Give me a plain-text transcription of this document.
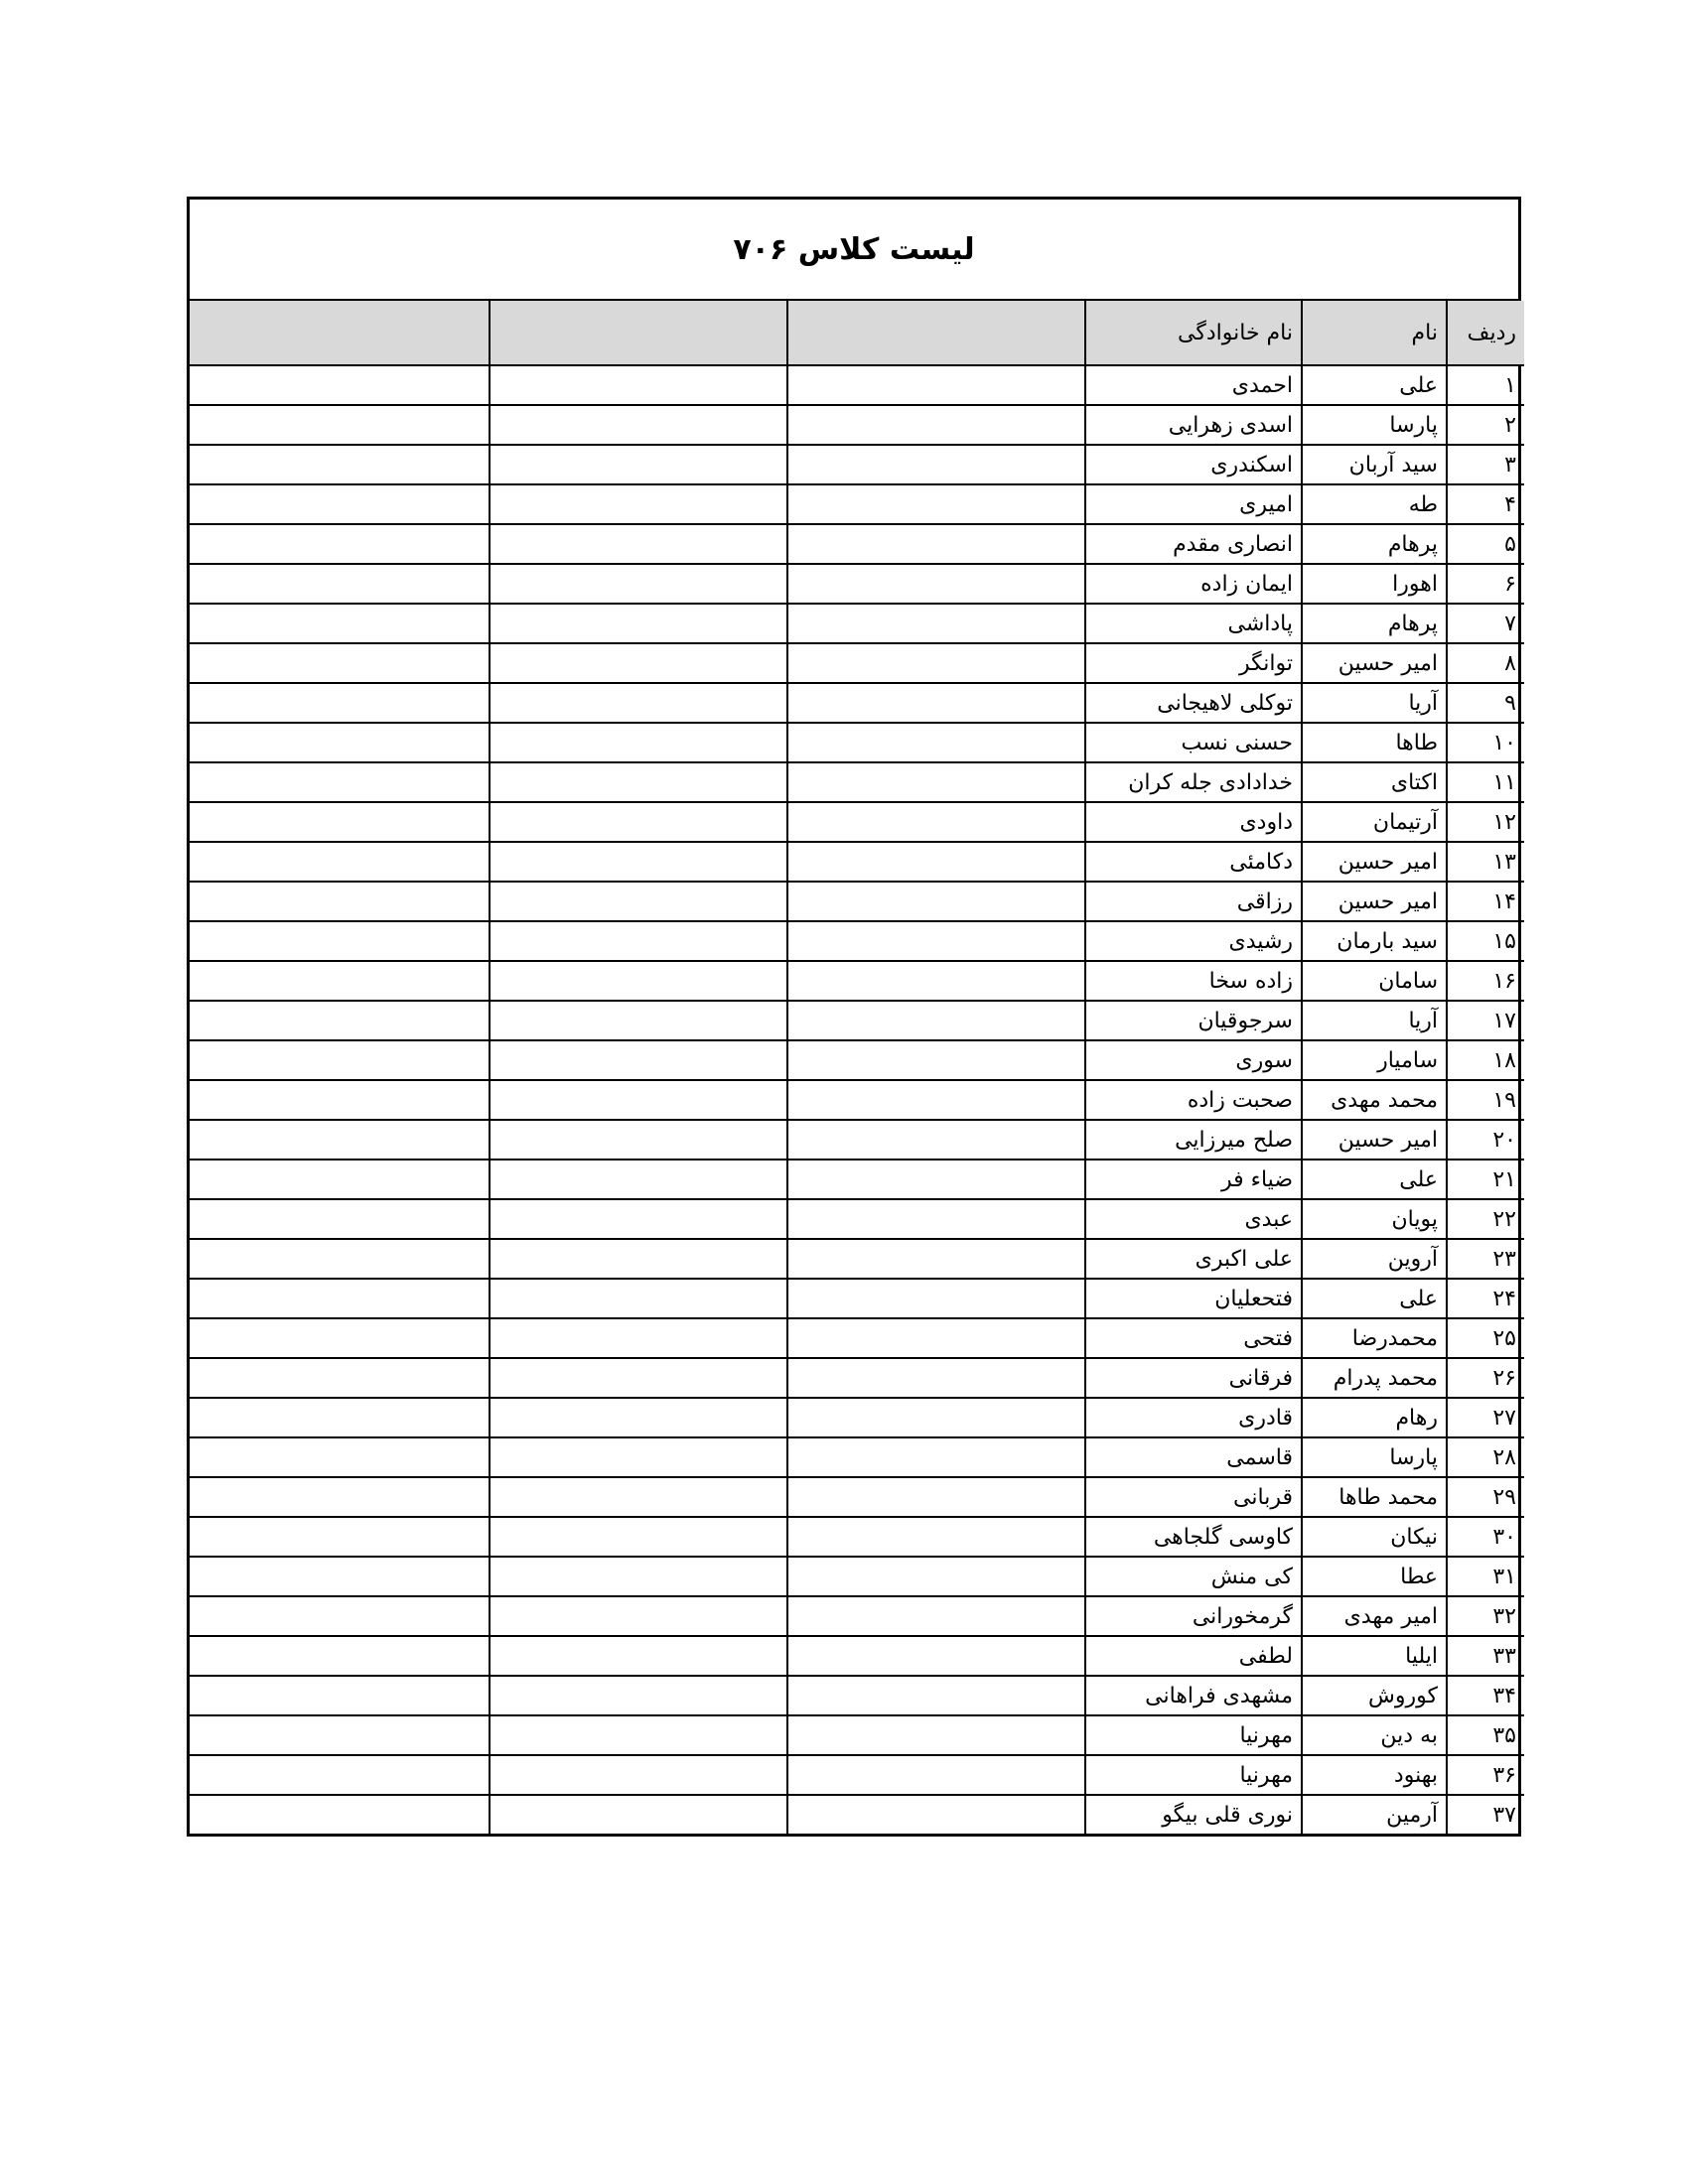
لیست کلاس ۷۰۶
ردیف	نام	نام خانوادگی			
۱	علی	احمدی			
۲	پارسا	اسدی زهرایی			
۳	سید آربان	اسکندری			
۴	طه	امیری			
۵	پرهام	انصاری مقدم			
۶	اهورا	ایمان زاده			
۷	پرهام	پاداشی			
۸	امیر حسین	توانگر			
۹	آریا	توکلی لاهیجانی			
۱۰	طاها	حسنی نسب			
۱۱	اکتای	خدادادی جله کران			
۱۲	آرتیمان	داودی			
۱۳	امیر حسین	دکامئی			
۱۴	امیر حسین	رزاقی			
۱۵	سید بارمان	رشیدی			
۱۶	سامان	زاده سخا			
۱۷	آریا	سرجوقیان			
۱۸	سامیار	سوری			
۱۹	محمد مهدی	صحبت زاده			
۲۰	امیر حسین	صلح میرزایی			
۲۱	علی	ضیاء فر			
۲۲	پویان	عبدی			
۲۳	آروین	علی اکبری			
۲۴	علی	فتحعلیان			
۲۵	محمدرضا	فتحی			
۲۶	محمد پدرام	فرقانی			
۲۷	رهام	قادری			
۲۸	پارسا	قاسمی			
۲۹	محمد طاها	قربانی			
۳۰	نیکان	کاوسی گلجاهی			
۳۱	عطا	کی منش			
۳۲	امیر مهدی	گرمخورانی			
۳۳	ایلیا	لطفی			
۳۴	کوروش	مشهدی فراهانی			
۳۵	به دین	مهرنیا			
۳۶	بهنود	مهرنیا			
۳۷	آرمین	نوری قلی بیگو			
